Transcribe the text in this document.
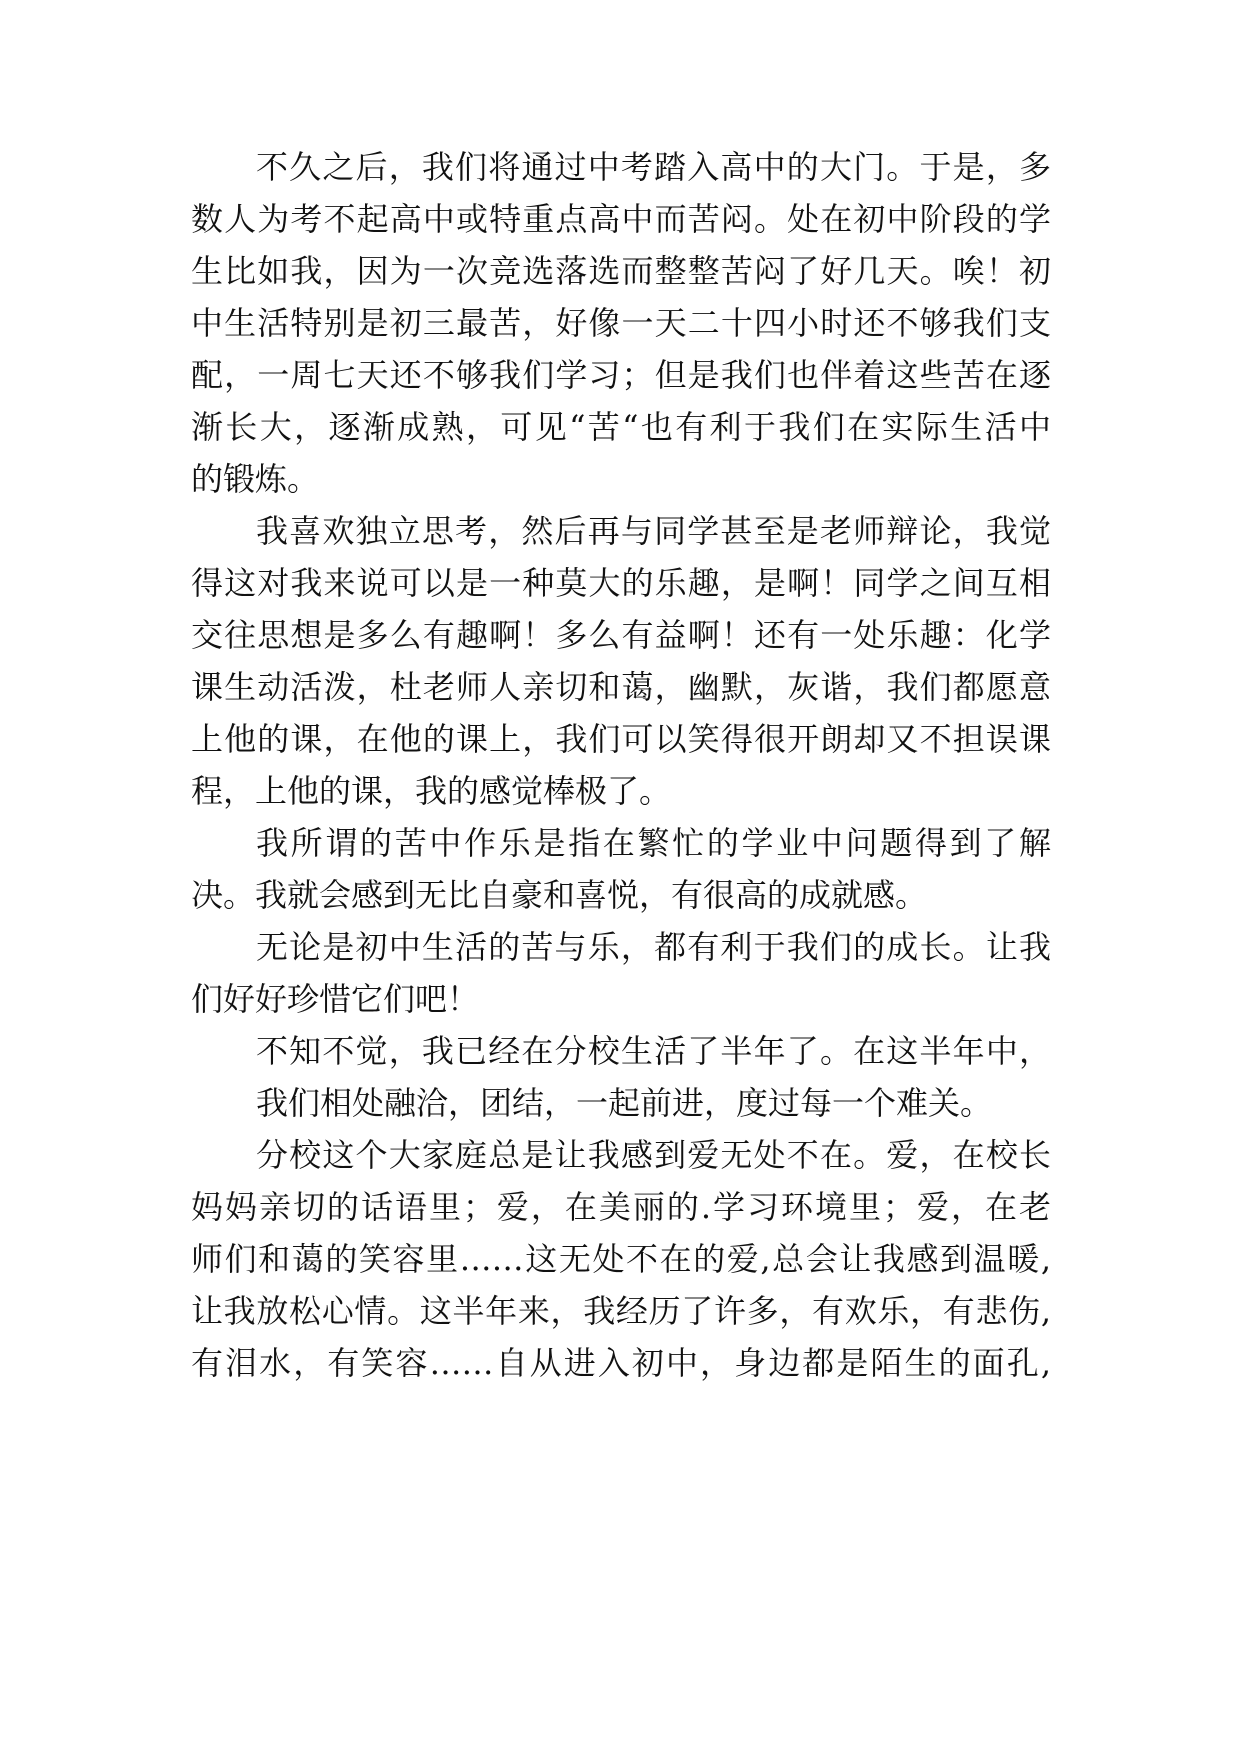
不久之后，我们将通过中考踏入高中的大门。于是，多
数人为考不起高中或特重点高中而苦闷。处在初中阶段的学
生比如我，因为一次竞选落选而整整苦闷了好几天。唉！初
中生活特别是初三最苦，好像一天二十四小时还不够我们支
配，一周七天还不够我们学习；但是我们也伴着这些苦在逐
渐长大，逐渐成熟，可见“苦“也有利于我们在实际生活中
的锻炼。
我喜欢独立思考，然后再与同学甚至是老师辩论，我觉
得这对我来说可以是一种莫大的乐趣，是啊！同学之间互相
交往思想是多么有趣啊！多么有益啊！还有一处乐趣：化学
课生动活泼，杜老师人亲切和蔼，幽默，灰谐，我们都愿意
上他的课，在他的课上，我们可以笑得很开朗却又不担误课
程，上他的课，我的感觉棒极了。
我所谓的苦中作乐是指在繁忙的学业中问题得到了解
决。我就会感到无比自豪和喜悦，有很高的成就感。
无论是初中生活的苦与乐，都有利于我们的成长。让我
们好好珍惜它们吧！
不知不觉，我已经在分校生活了半年了。在这半年中，
我们相处融洽，团结，一起前进，度过每一个难关。
分校这个大家庭总是让我感到爱无处不在。爱，在校长
妈妈亲切的话语里；爱，在美丽的.学习环境里；爱，在老
师们和蔼的笑容里……这无处不在的爱,总会让我感到温暖,
让我放松心情。这半年来，我经历了许多，有欢乐，有悲伤,
有泪水，有笑容……自从进入初中，身边都是陌生的面孔,
